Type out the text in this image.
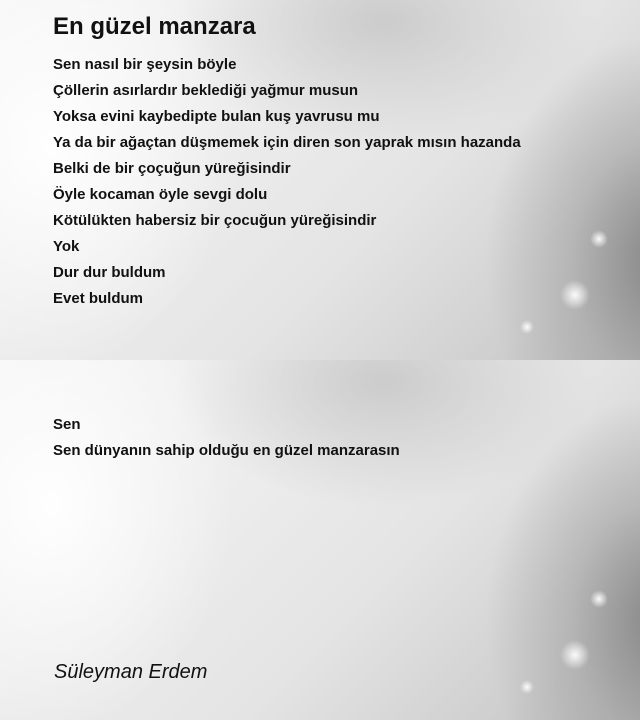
En güzel manzara
Sen nasıl bir şeysin böyle
Çöllerin asırlardır beklediği yağmur musun
Yoksa evini kaybedipte bulan kuş yavrusu mu
Ya da bir ağaçtan düşmemek için diren son yaprak mısın hazanda
Belki de bir çoçuğun yüreğisindir
Öyle kocaman öyle sevgi dolu
Kötülükten habersiz bir çocuğun yüreğisindir
Yok
Dur dur buldum
Evet buldum
Sen
Sen dünyanın sahip olduğu en güzel manzarasın
Süleyman Erdem
